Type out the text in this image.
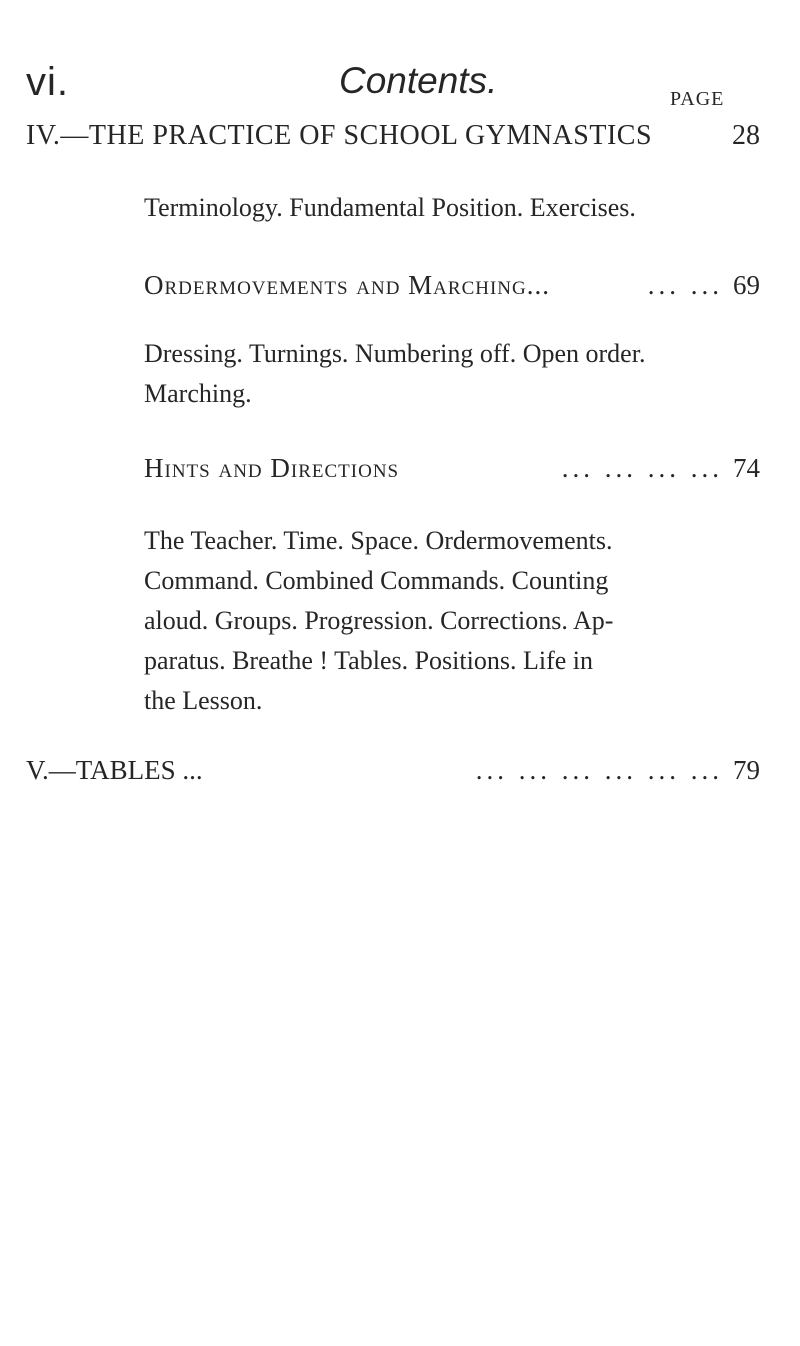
vi.	Contents.	PAGE
IV.—THE PRACTICE OF SCHOOL GYMNASTICS	28
Terminology. Fundamental Position. Exercises.
Ordermovements and Marching...	... ... 69
Dressing. Turnings. Numbering off. Open order.
Marching.
Hints and Directions	... ... ... ... 74
The Teacher. Time. Space. Ordermovements.
Command. Combined Commands. Counting
aloud. Groups. Progression. Corrections. Ap-
paratus. Breathe ! Tables. Positions. Life in
the Lesson.
V.—TABLES ...	... ... ... ... ... ... 79
